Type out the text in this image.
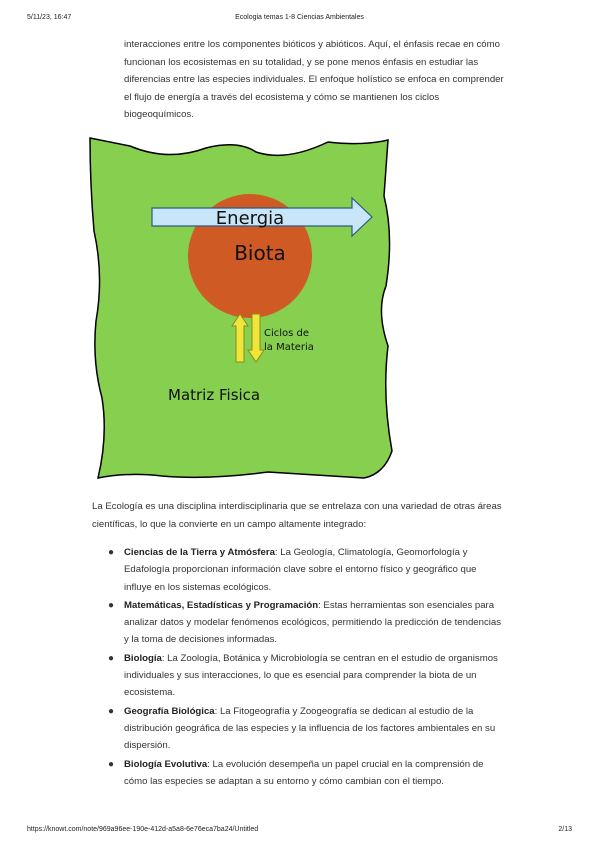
5/11/23, 16:47	Ecologia temas 1-8 Ciencias Ambientales

interacciones entre los componentes bióticos y abióticos. Aquí, el énfasis recae en cómo funcionan los ecosistemas en su totalidad, y se pone menos énfasis en estudiar las diferencias entre las especies individuales. El enfoque holístico se enfoca en comprender el flujo de energía a través del ecosistema y cómo se mantienen los ciclos biogeoquímicos.

Energia
Biota
Ciclos de
la Materia
Matriz Fisica

La Ecología es una disciplina interdisciplinaria que se entrelaza con una variedad de otras áreas científicas, lo que la convierte en un campo altamente integrado:

● Ciencias de la Tierra y Atmósfera: La Geología, Climatología, Geomorfología y Edafología proporcionan información clave sobre el entorno físico y geográfico que influye en los sistemas ecológicos.
● Matemáticas, Estadísticas y Programación: Estas herramientas son esenciales para analizar datos y modelar fenómenos ecológicos, permitiendo la predicción de tendencias y la toma de decisiones informadas.
● Biología: La Zoología, Botánica y Microbiología se centran en el estudio de organismos individuales y sus interacciones, lo que es esencial para comprender la biota de un ecosistema.
● Geografía Biológica: La Fitogeografía y Zoogeografía se dedican al estudio de la distribución geográfica de las especies y la influencia de los factores ambientales en su dispersión.
● Biología Evolutiva: La evolución desempeña un papel crucial en la comprensión de cómo las especies se adaptan a su entorno y cómo cambian con el tiempo.
https://knowt.com/note/969a96ee-190e-412d-a5a8-6e76eca7ba24/Untitled	2/13
